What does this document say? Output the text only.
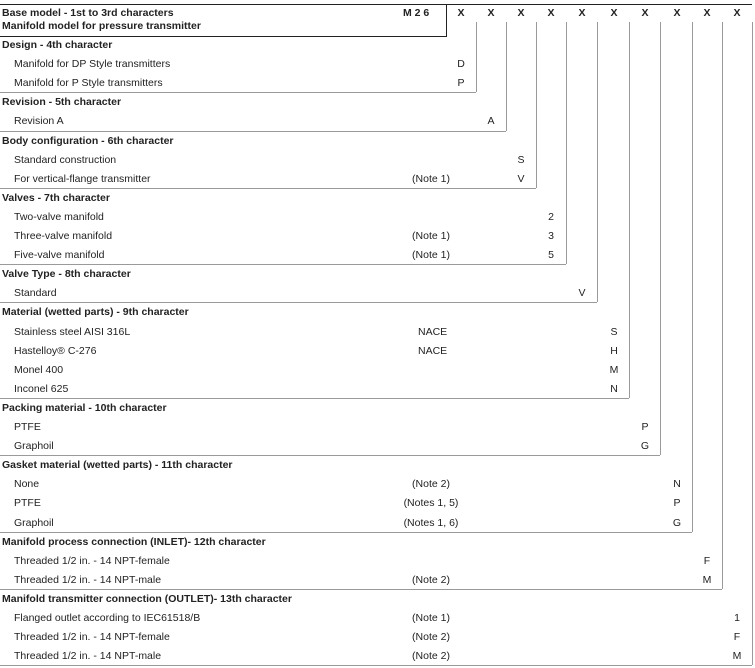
Base model - 1st to 3rd characters
Manifold model for pressure transmitter
M 2 6	X	X	X	X	X	X	X	X	X	X
Design - 4th character
Manifold for DP Style transmitters	D
Manifold for P Style transmitters	P
Revision - 5th character
Revision A	A
Body configuration - 6th character
Standard construction	S
For vertical-flange transmitter	(Note 1)	V
Valves - 7th character
Two-valve manifold	2
Three-valve manifold	(Note 1)	3
Five-valve manifold	(Note 1)	5
Valve Type - 8th character
Standard	V
Material (wetted parts) - 9th character
Stainless steel AISI 316L	NACE	S
Hastelloy® C-276	NACE	H
Monel 400	M
Inconel 625	N
Packing material - 10th character
PTFE	P
Graphoil	G
Gasket material (wetted parts) - 11th character
None	(Note 2)	N
PTFE	(Notes 1, 5)	P
Graphoil	(Notes 1, 6)	G
Manifold process connection (INLET)- 12th character
Threaded 1/2 in. - 14 NPT-female	F
Threaded 1/2 in. - 14 NPT-male	(Note 2)	M
Manifold transmitter connection (OUTLET)- 13th character
Flanged outlet according to IEC61518/B	(Note 1)	1
Threaded 1/2 in. - 14 NPT-female	(Note 2)	F
Threaded 1/2 in. - 14 NPT-male	(Note 2)	M
